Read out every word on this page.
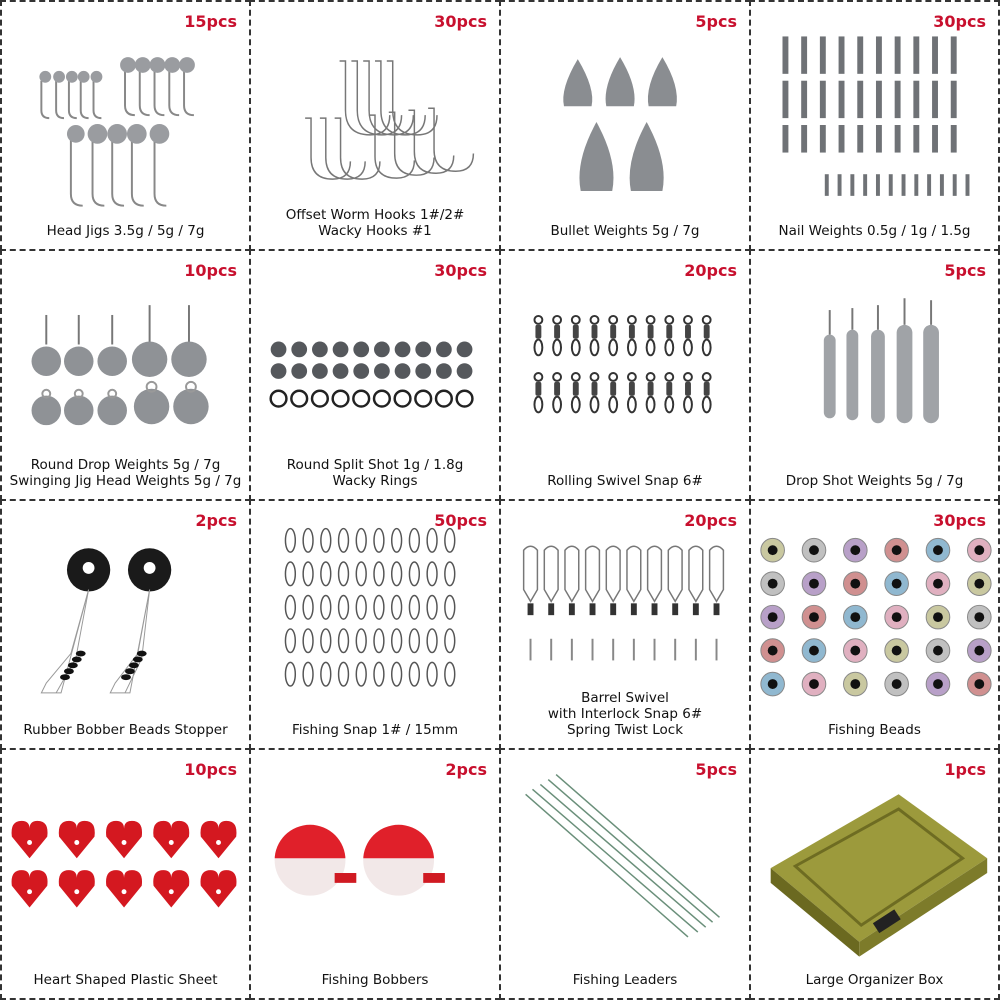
15pcs
Head Jigs 3.5g / 5g / 7g
30pcs
Offset Worm Hooks 1#/2#
Wacky Hooks #1
5pcs
Bullet Weights 5g / 7g
30pcs
Nail Weights 0.5g / 1g / 1.5g
10pcs
Round Drop Weights 5g / 7g
Swinging Jig Head Weights 5g / 7g
30pcs
Round Split Shot 1g / 1.8g
Wacky Rings
20pcs
Rolling Swivel Snap 6#
5pcs
Drop Shot Weights 5g / 7g
2pcs
Rubber Bobber Beads Stopper
50pcs
Fishing Snap 1# / 15mm
20pcs
Barrel Swivel
with Interlock Snap 6#
Spring Twist Lock
30pcs
Fishing Beads
10pcs
Heart Shaped Plastic Sheet
2pcs
Fishing Bobbers
5pcs
Fishing Leaders
1pcs
Large Organizer Box
